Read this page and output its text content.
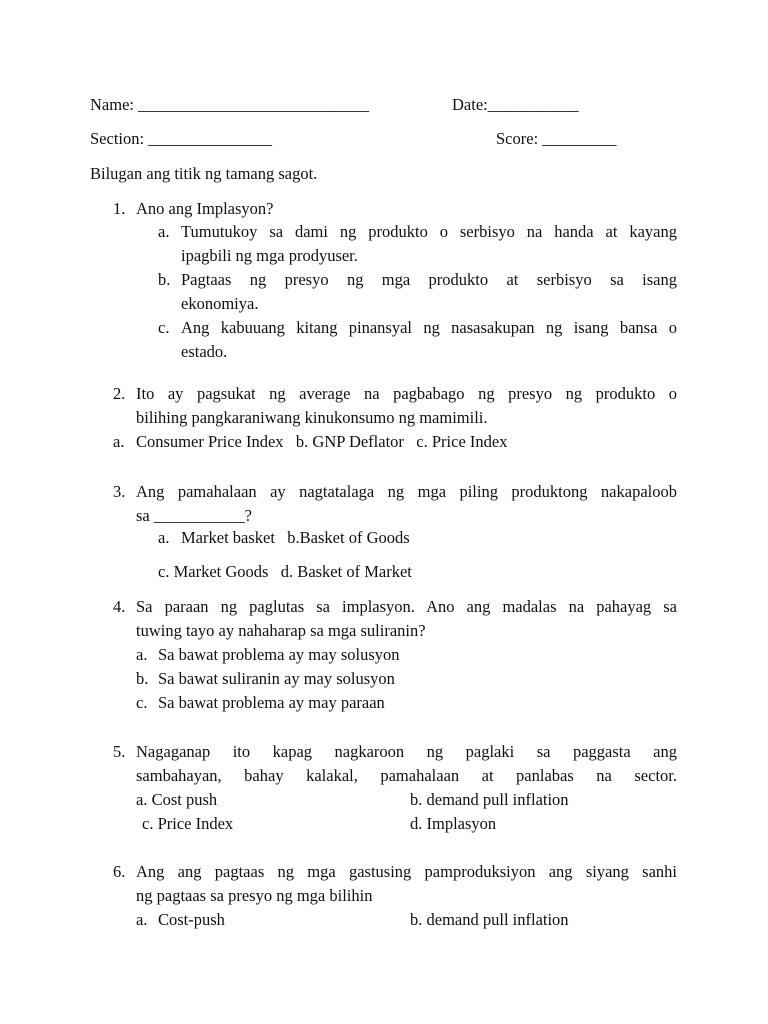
Name: ____________________________	Date:___________
Section: _______________	Score: _________
Bilugan ang titik ng tamang sagot.
1. Ano ang Implasyon?
a. Tumutukoy sa dami ng produkto o serbisyo na handa at kayang
ipagbili ng mga prodyuser.
b. Pagtaas ng presyo ng mga produkto at serbisyo sa isang
ekonomiya.
c. Ang kabuuang kitang pinansyal ng nasasakupan ng isang bansa o
estado.
2. Ito ay pagsukat ng average na pagbabago ng presyo ng produkto o
bilihing pangkaraniwang kinukonsumo ng mamimili.
a. Consumer Price Index   b. GNP Deflator   c. Price Index
3. Ang pamahalaan ay nagtatalaga ng mga piling produktong nakapaloob
sa ___________?
a. Market basket   b.Basket of Goods
c. Market Goods   d. Basket of Market
4. Sa paraan ng paglutas sa implasyon. Ano ang madalas na pahayag sa
tuwing tayo ay nahaharap sa mga suliranin?
a. Sa bawat problema ay may solusyon
b. Sa bawat suliranin ay may solusyon
c. Sa bawat problema ay may paraan
5. Nagaganap ito kapag nagkaroon ng paglaki sa paggasta ang
sambahayan, bahay kalakal, pamahalaan at panlabas na sector.
a. Cost push	b. demand pull inflation
c. Price Index	d. Implasyon
6. Ang ang pagtaas ng mga gastusing pamproduksiyon ang siyang sanhi
ng pagtaas sa presyo ng mga bilihin
a. Cost-push	b. demand pull inflation
